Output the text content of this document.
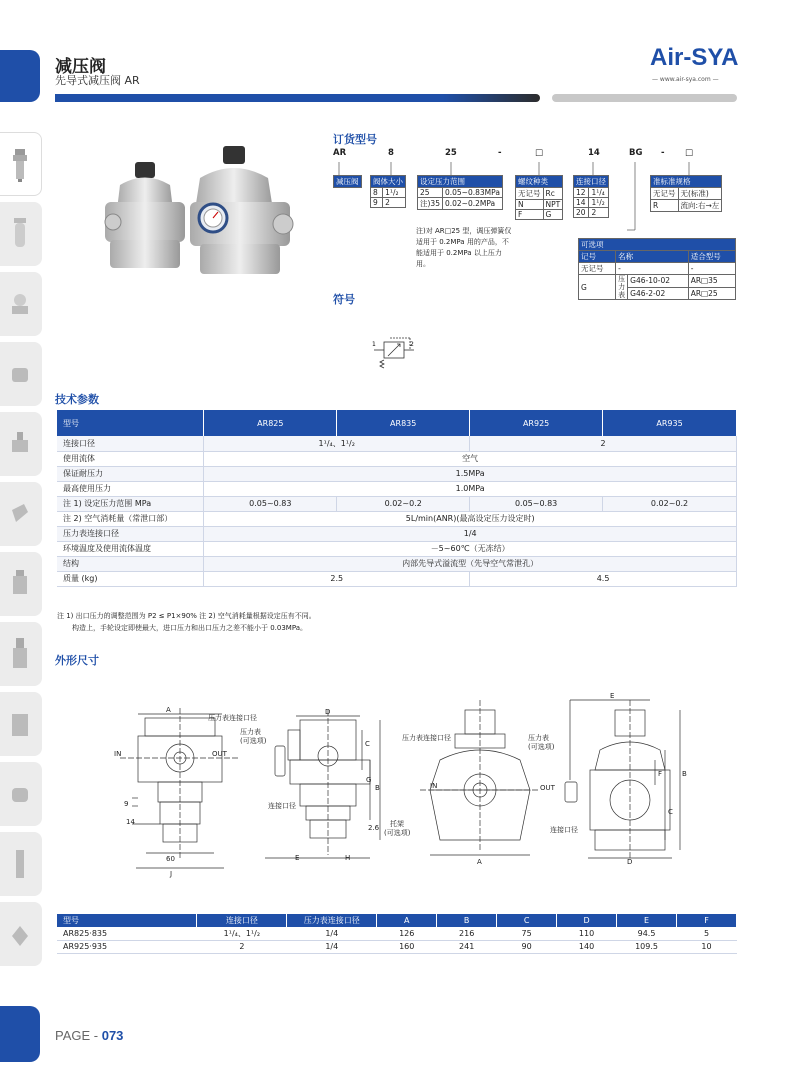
减压阀
先导式减压阀 AR
Air-SYA
— www.air-sya.com —
订货型号
AR	8	25	-	□	14	BG - □
减压阀 阀体大小	
8	1¹/₂
9	2
设定压力范围	
25	0.05~0.83MPa
注)35	0.02~0.2MPa
螺纹种类	
无记号	Rc
N	NPT
F	G
连接口径	
12	1¹/₄
14	1¹/₂
20	2
准标准规格	
无记号	无(标准)
R	流向:右→左
注)对 AR□25 型，调压弹簧仅适用于 0.2MPa 用的产品，不能适用于 0.2MPa 以上压力用。
可选项			
记号	名称		适合型号
无记号	-		-
G	压力表	G46-10-02	AR□35
		G46-2-02	AR□25
符号
1	2
技术参数
型号	AR825	AR835	AR925	AR935
连接口径	1¹/₄、1¹/₂		2	
使用流体	空气			
保证耐压力	1.5MPa			
最高使用压力	1.0MPa			
注 1) 设定压力范围 MPa	0.05~0.83	0.02~0.2	0.05~0.83	0.02~0.2
注 2) 空气消耗量（常泄口部）	5L/min(ANR)(最高设定压力设定时)			
压力表连接口径	1/4			
环境温度及使用流体温度	－5~60℃（无冻结）			
结构	内部先导式溢流型（先导空气常泄孔）			
质量 (kg)	2.5		4.5	
注 1) 出口压力的调整范围为 P2 ≤ P1×90% 注 2) 空气消耗量根据设定压有不同。
构造上，手轮设定即使最大，进口压力和出口压力之差不能小于 0.03MPa。
外形尺寸
A
压力表连接口径
IN	OUT
9
14
60
J
D
压力表
(可选项)	C
G
B
连接口径
2.6 托架
(可选项)
E	H
压力表连接口径
IN
A
E
压力表
(可选项)
OUT
F
C
B
连接口径
D
型号	连接口径	压力表连接口径	A	B	C	D	E	F
AR825·835	1¹/₄、1¹/₂	1/4	126	216	75	110	94.5	5
AR925·935	2	1/4	160	241	90	140	109.5	10
PAGE - 073
